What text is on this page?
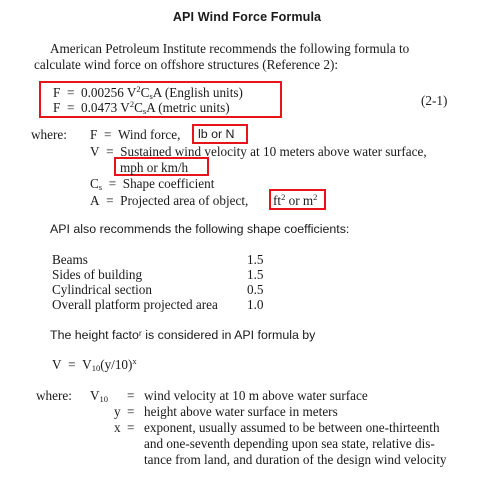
API Wind Force Formula
American Petroleum Institute recommends the following formula to
calculate wind force on offshore structures (Reference 2):
F = 0.00256 $V^2C_sA$ (English units)
F = 0.0473 $V^2C_sA$ (metric units)	(2-1)
where: F = Wind force, lb or N
V = Sustained wind velocity at 10 meters above water surface,
mph or km/h
$C_s$ = Shape coefficient
A = Projected area of object, $ft^2$ or $m^2$
API also recommends the following shape coefficients:
Beams	1.5
Sides of building	1.5
Cylindrical section	0.5
Overall platform projected area 1.0
The height factoʳ is considered in API formula by
$V = V_{10}(y/10)^x$
where: $V_{10}$ = wind velocity at 10 m above water surface
y = height above water surface in meters
x = exponent, usually assumed to be between one-thirteenth
and one-seventh depending upon sea state, relative dis-
tance from land, and duration of the design wind velocity
